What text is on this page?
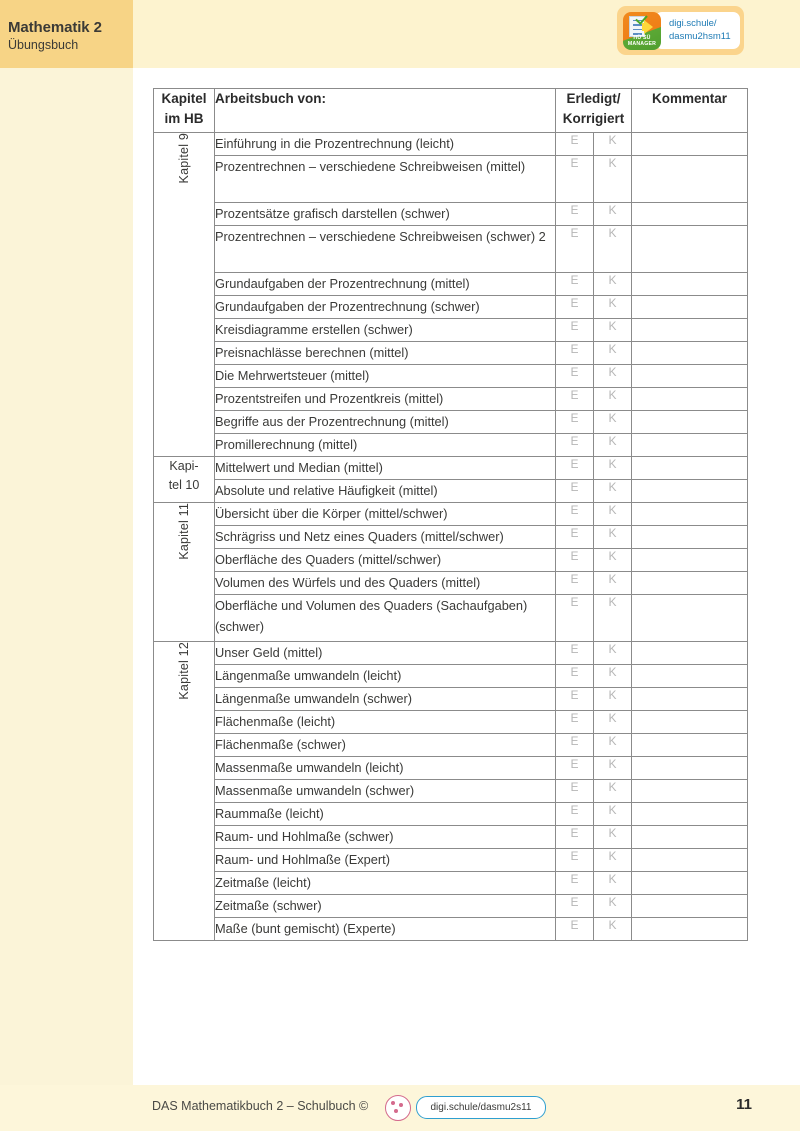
Mathematik 2
Übungsbuch	HÜ SÜ
MANAGER
digi.schule/
dasmu2hsm11
Kapitel
im HB
	Arbeitsbuch von:	Erledigt/
Korrigiert
	Kommentar
Kapitel 9	Einführung in die Prozentrechnung (leicht)	E	K	
	Prozentrechnen – verschiedene Schreibweisen (mittel)	E	K	
	Prozentsätze grafisch darstellen (schwer)	E	K	
	Prozentrechnen – verschiedene Schreibweisen (schwer) 2	E	K	
	Grundaufgaben der Prozentrechnung (mittel)	E	K	
	Grundaufgaben der Prozentrechnung (schwer)	E	K	
	Kreisdiagramme erstellen (schwer)	E	K	
	Preisnachlässe berechnen (mittel)	E	K	
	Die Mehrwertsteuer (mittel)	E	K	
	Prozentstreifen und Prozentkreis (mittel)	E	K	
	Begriffe aus der Prozentrechnung (mittel)	E	K	
	Promillerechnung (mittel)	E	K	

Kapi-
tel 10	Mittelwert und Median (mittel)	E	K	
	Absolute und relative Häufigkeit (mittel)	E	K	
Kapitel 11	Übersicht über die Körper (mittel/schwer)	E	K	
	Schrägriss und Netz eines Quaders (mittel/schwer)	E	K	
	Oberfläche des Quaders (mittel/schwer)	E	K	
	Volumen des Würfels und des Quaders (mittel)	E	K	
	Oberfläche und Volumen des Quaders (Sachaufgaben) (schwer)	E	K	
Kapitel 12	Unser Geld (mittel)	E	K	
	Längenmaße umwandeln (leicht)	E	K	
	Längenmaße umwandeln (schwer)	E	K	
	Flächenmaße (leicht)	E	K	
	Flächenmaße (schwer)	E	K	
	Massenmaße umwandeln (leicht)	E	K	
	Massenmaße umwandeln (schwer)	E	K	
	Raummaße (leicht)	E	K	
	Raum- und Hohlmaße (schwer)	E	K	
	Raum- und Hohlmaße (Expert)	E	K	
	Zeitmaße (leicht)	E	K	
	Zeitmaße (schwer)	E	K	
	Maße (bunt gemischt) (Experte)	E	K	
DAS Mathematikbuch 2 – Schulbuch ©	digi.schule/dasmu2s11	11
